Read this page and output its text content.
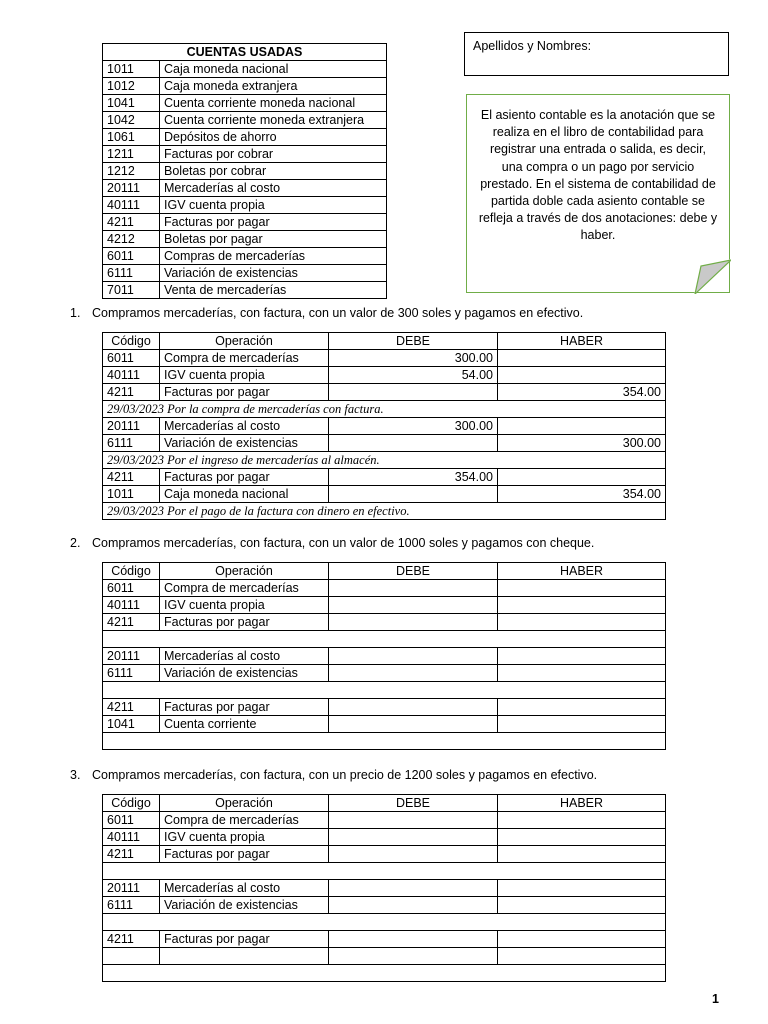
CUENTAS USADAS	
1011	Caja moneda nacional
1012	Caja moneda extranjera
1041	Cuenta corriente moneda nacional
1042	Cuenta corriente moneda extranjera
1061	Depósitos de ahorro
1211	Facturas por cobrar
1212	Boletas por cobrar
20111	Mercaderías al costo
40111	IGV cuenta propia
4211	Facturas por pagar
4212	Boletas por pagar
6011	Compras de mercaderías
6111	Variación de existencias
7011	Venta de mercaderías
Apellidos y Nombres:
El asiento contable es la anotación que se
realiza en el libro de contabilidad para
registrar una entrada o salida, es decir,
una compra o un pago por servicio
prestado. En el sistema de contabilidad de
partida doble cada asiento contable se
refleja a través de dos anotaciones: debe y
haber.
1. Compramos mercaderías, con factura, con un valor de 300 soles y pagamos en efectivo.
Código	Operación	DEBE	HABER
6011	Compra de mercaderías	300.00	
40111	IGV cuenta propia	54.00	
4211	Facturas por pagar		354.00
29/03/2023 Por la compra de mercaderías con factura.			
20111	Mercaderías al costo	300.00	
6111	Variación de existencias		300.00
29/03/2023 Por el ingreso de mercaderías al almacén.			
4211	Facturas por pagar	354.00	
1011	Caja moneda nacional		354.00
29/03/2023 Por el pago de la factura con dinero en efectivo.			
2. Compramos mercaderías, con factura, con un valor de 1000 soles y pagamos con cheque.
Código	Operación	DEBE	HABER
6011	Compra de mercaderías		
40111	IGV cuenta propia		
4211	Facturas por pagar		

20111	Mercaderías al costo		
6111	Variación de existencias		

4211	Facturas por pagar		
1041	Cuenta corriente		

3. Compramos mercaderías, con factura, con un precio de 1200 soles y pagamos en efectivo.
Código	Operación	DEBE	HABER
6011	Compra de mercaderías		
40111	IGV cuenta propia		
4211	Facturas por pagar		

20111	Mercaderías al costo		
6111	Variación de existencias		

4211	Facturas por pagar		

1
